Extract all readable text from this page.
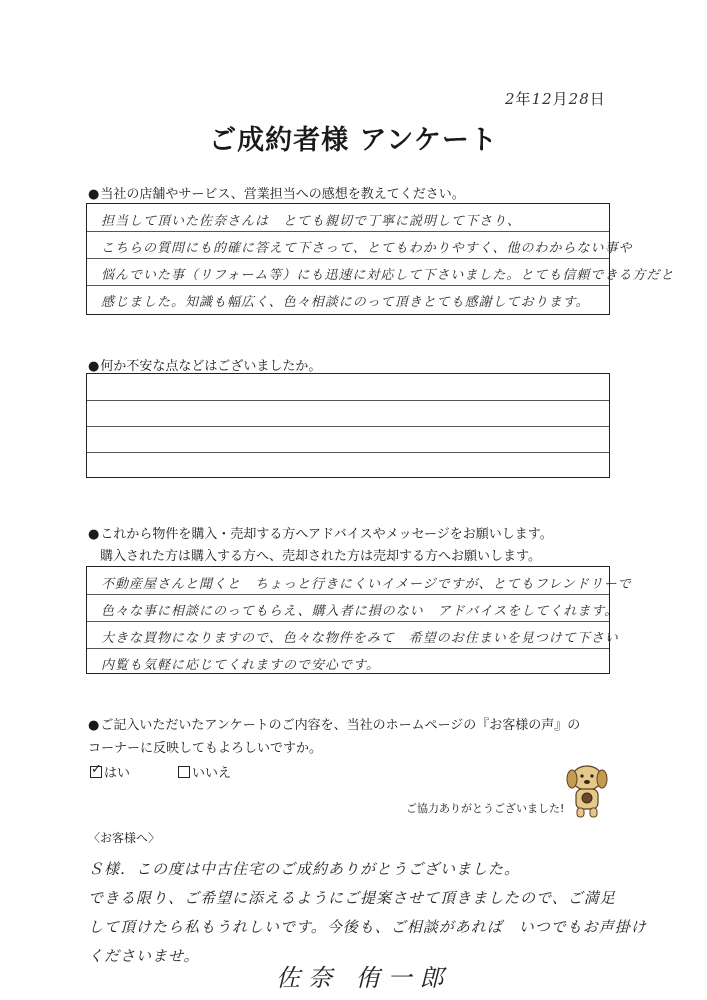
2年12月28日
ご成約者様 アンケート
●当社の店舗やサービス、営業担当への感想を教えてください。
担当して頂いた佐奈さんは　とても親切で丁寧に説明して下さり、
こちらの質問にも的確に答えて下さって、とてもわかりやすく、他のわからない事や
悩んでいた事（リフォーム等）にも迅速に対応して下さいました。とても信頼できる方だと
感じました。知識も幅広く、色々相談にのって頂きとても感謝しております。
●何か不安な点などはございましたか。
●これから物件を購入・売却する方へアドバイスやメッセージをお願いします。
購入された方は購入する方へ、売却された方は売却する方へお願いします。
不動産屋さんと聞くと　ちょっと行きにくいイメージですが、とてもフレンドリーで
色々な事に相談にのってもらえ、購入者に損のない　アドバイスをしてくれます。
大きな買物になりますので、色々な物件をみて　希望のお住まいを見つけて下さい
内覧も気軽に応じてくれますので安心です。
●ご記入いただいたアンケートのご内容を、当社のホームページの『お客様の声』の
コーナーに反映してもよろしいですか。
✓はい	いいえ
ご協力ありがとうございました!
〈お客様へ〉
Ｓ様．この度は中古住宅のご成約ありがとうございました。
できる限り、ご希望に添えるようにご提案させて頂きましたので、ご満足
して頂けたら私もうれしいです。今後も、ご相談があれば　いつでもお声掛け
くださいませ。
佐奈 侑一郎
